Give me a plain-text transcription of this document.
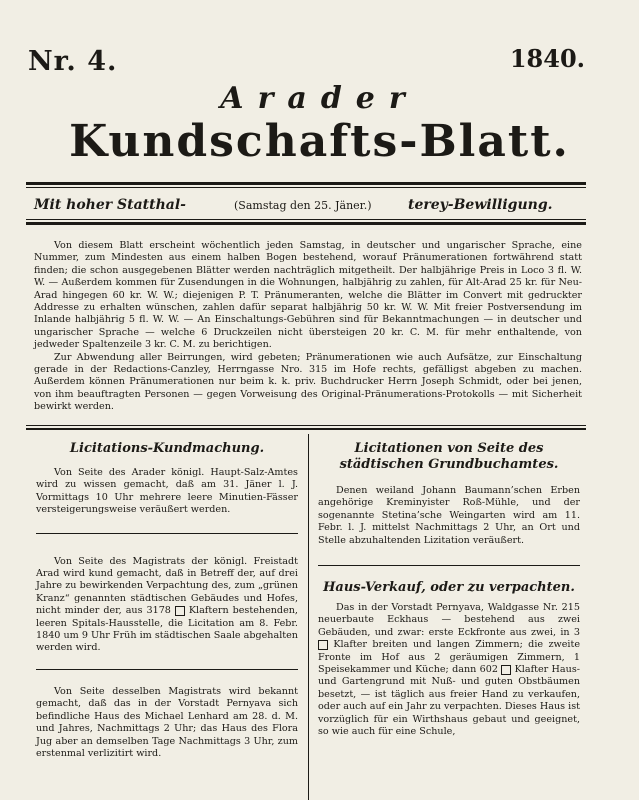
Nr. 4.	1840.
Arader
Kundschafts-Blatt.
Mit hoher Statthal-	(Samstag den 25. Jäner.)	terey-Bewilligung.

Von diesem Blatt erscheint wöchentlich jeden Samstag, in deutscher und ungarischer Sprache, eine Nummer, zum Mindesten aus einem halben Bogen bestehend, worauf Pränumerationen fortwährend statt finden; die schon ausgegebenen Blätter werden nachträglich mitgetheilt. Der halbjährige Preis in Loco 3 fl. W. W. — Außerdem kommen für Zusendungen in die Wohnungen, halbjährig zu zahlen, für Alt-Arad 25 kr. für Neu-Arad hingegen 60 kr. W. W.; diejenigen P. T. Pränumeranten, welche die Blätter im Convert mit gedruckter Addresse zu erhalten wünschen, zahlen dafür separat halbjährig 50 kr. W. W. Mit freier Postversendung im Inlande halbjährig 5 fl. W. W. — An Einschaltungs-Gebühren sind für Bekanntmachungen — in deutscher und ungarischer Sprache — welche 6 Druckzeilen nicht übersteigen 20 kr. C. M. für mehr enthaltende, von jedweder Spaltenzeile 3 kr. C. M. zu berichtigen.

Zur Abwendung aller Beirrungen, wird gebeten; Pränumerationen wie auch Aufsätze, zur Einschaltung gerade in der Redactions-Canzley, Herrngasse Nro. 315 im Hofe rechts, gefälligst abgeben zu machen. Außerdem können Pränumerationen nur beim k. k. priv. Buchdrucker Herrn Joseph Schmidt, oder bei jenen, von ihm beauftragten Personen — gegen Vorweisung des Original-Pränumerations-Protokolls — mit Sicherheit bewirkt werden.

Licitations-Kundmachung.

Von Seite des Arader königl. Haupt-Salz-Amtes wird zu wissen gemacht, daß am 31. Jäner l. J. Vormittags 10 Uhr mehrere leere Minutien-Fässer versteigerungsweise veräußert werden.

Von Seite des Magistrats der königl. Freistadt Arad wird kund gemacht, daß in Betreff der, auf drei Jahre zu bewirkenden Verpachtung des, zum „grünen Kranz“ genannten städtischen Gebäudes und Hofes, nicht minder der, aus 3178 Klaftern bestehenden, leeren Spitals-Hausstelle, die Licitation am 8. Febr. 1840 um 9 Uhr Früh im städtischen Saale abgehalten werden wird.

Von Seite desselben Magistrats wird bekannt gemacht, daß das in der Vorstadt Pernyava sich befindliche Haus des Michael Lenhard am 28. d. M. und Jahres, Nachmittags 2 Uhr; das Haus des Flora Jug aber an demselben Tage Nachmittags 3 Uhr, zum erstenmal verlizitirt wird.

Licitationen von Seite des städtischen Grundbuchamtes.

Denen weiland Johann Baumann’schen Erben angehörige Kreminyister Roß-Mühle, und der sogenannte Stetina’sche Weingarten wird am 11. Febr. l. J. mittelst Nachmittags 2 Uhr, an Ort und Stelle abzuhaltenden Lizitation veräußert.

Haus-Verkauf, oder zu verpachten.

Das in der Vorstadt Pernyava, Waldgasse Nr. 215 neuerbaute Eckhaus — bestehend aus zwei Gebäuden, und zwar: erste Eckfronte aus zwei, in 3  Klafter breiten und langen Zimmern; die zweite Fronte im Hof aus 2 geräumigen Zimmern, 1 Speisekammer und Küche; dann 602 Klafter Haus- und Gartengrund mit Nuß- und guten Obstbäumen besetzt, — ist täglich aus freier Hand zu verkaufen, oder auch auf ein Jahr zu verpachten. Dieses Haus ist vorzüglich für ein Wirthshaus gebaut und geeignet, so wie auch für eine Schule,
